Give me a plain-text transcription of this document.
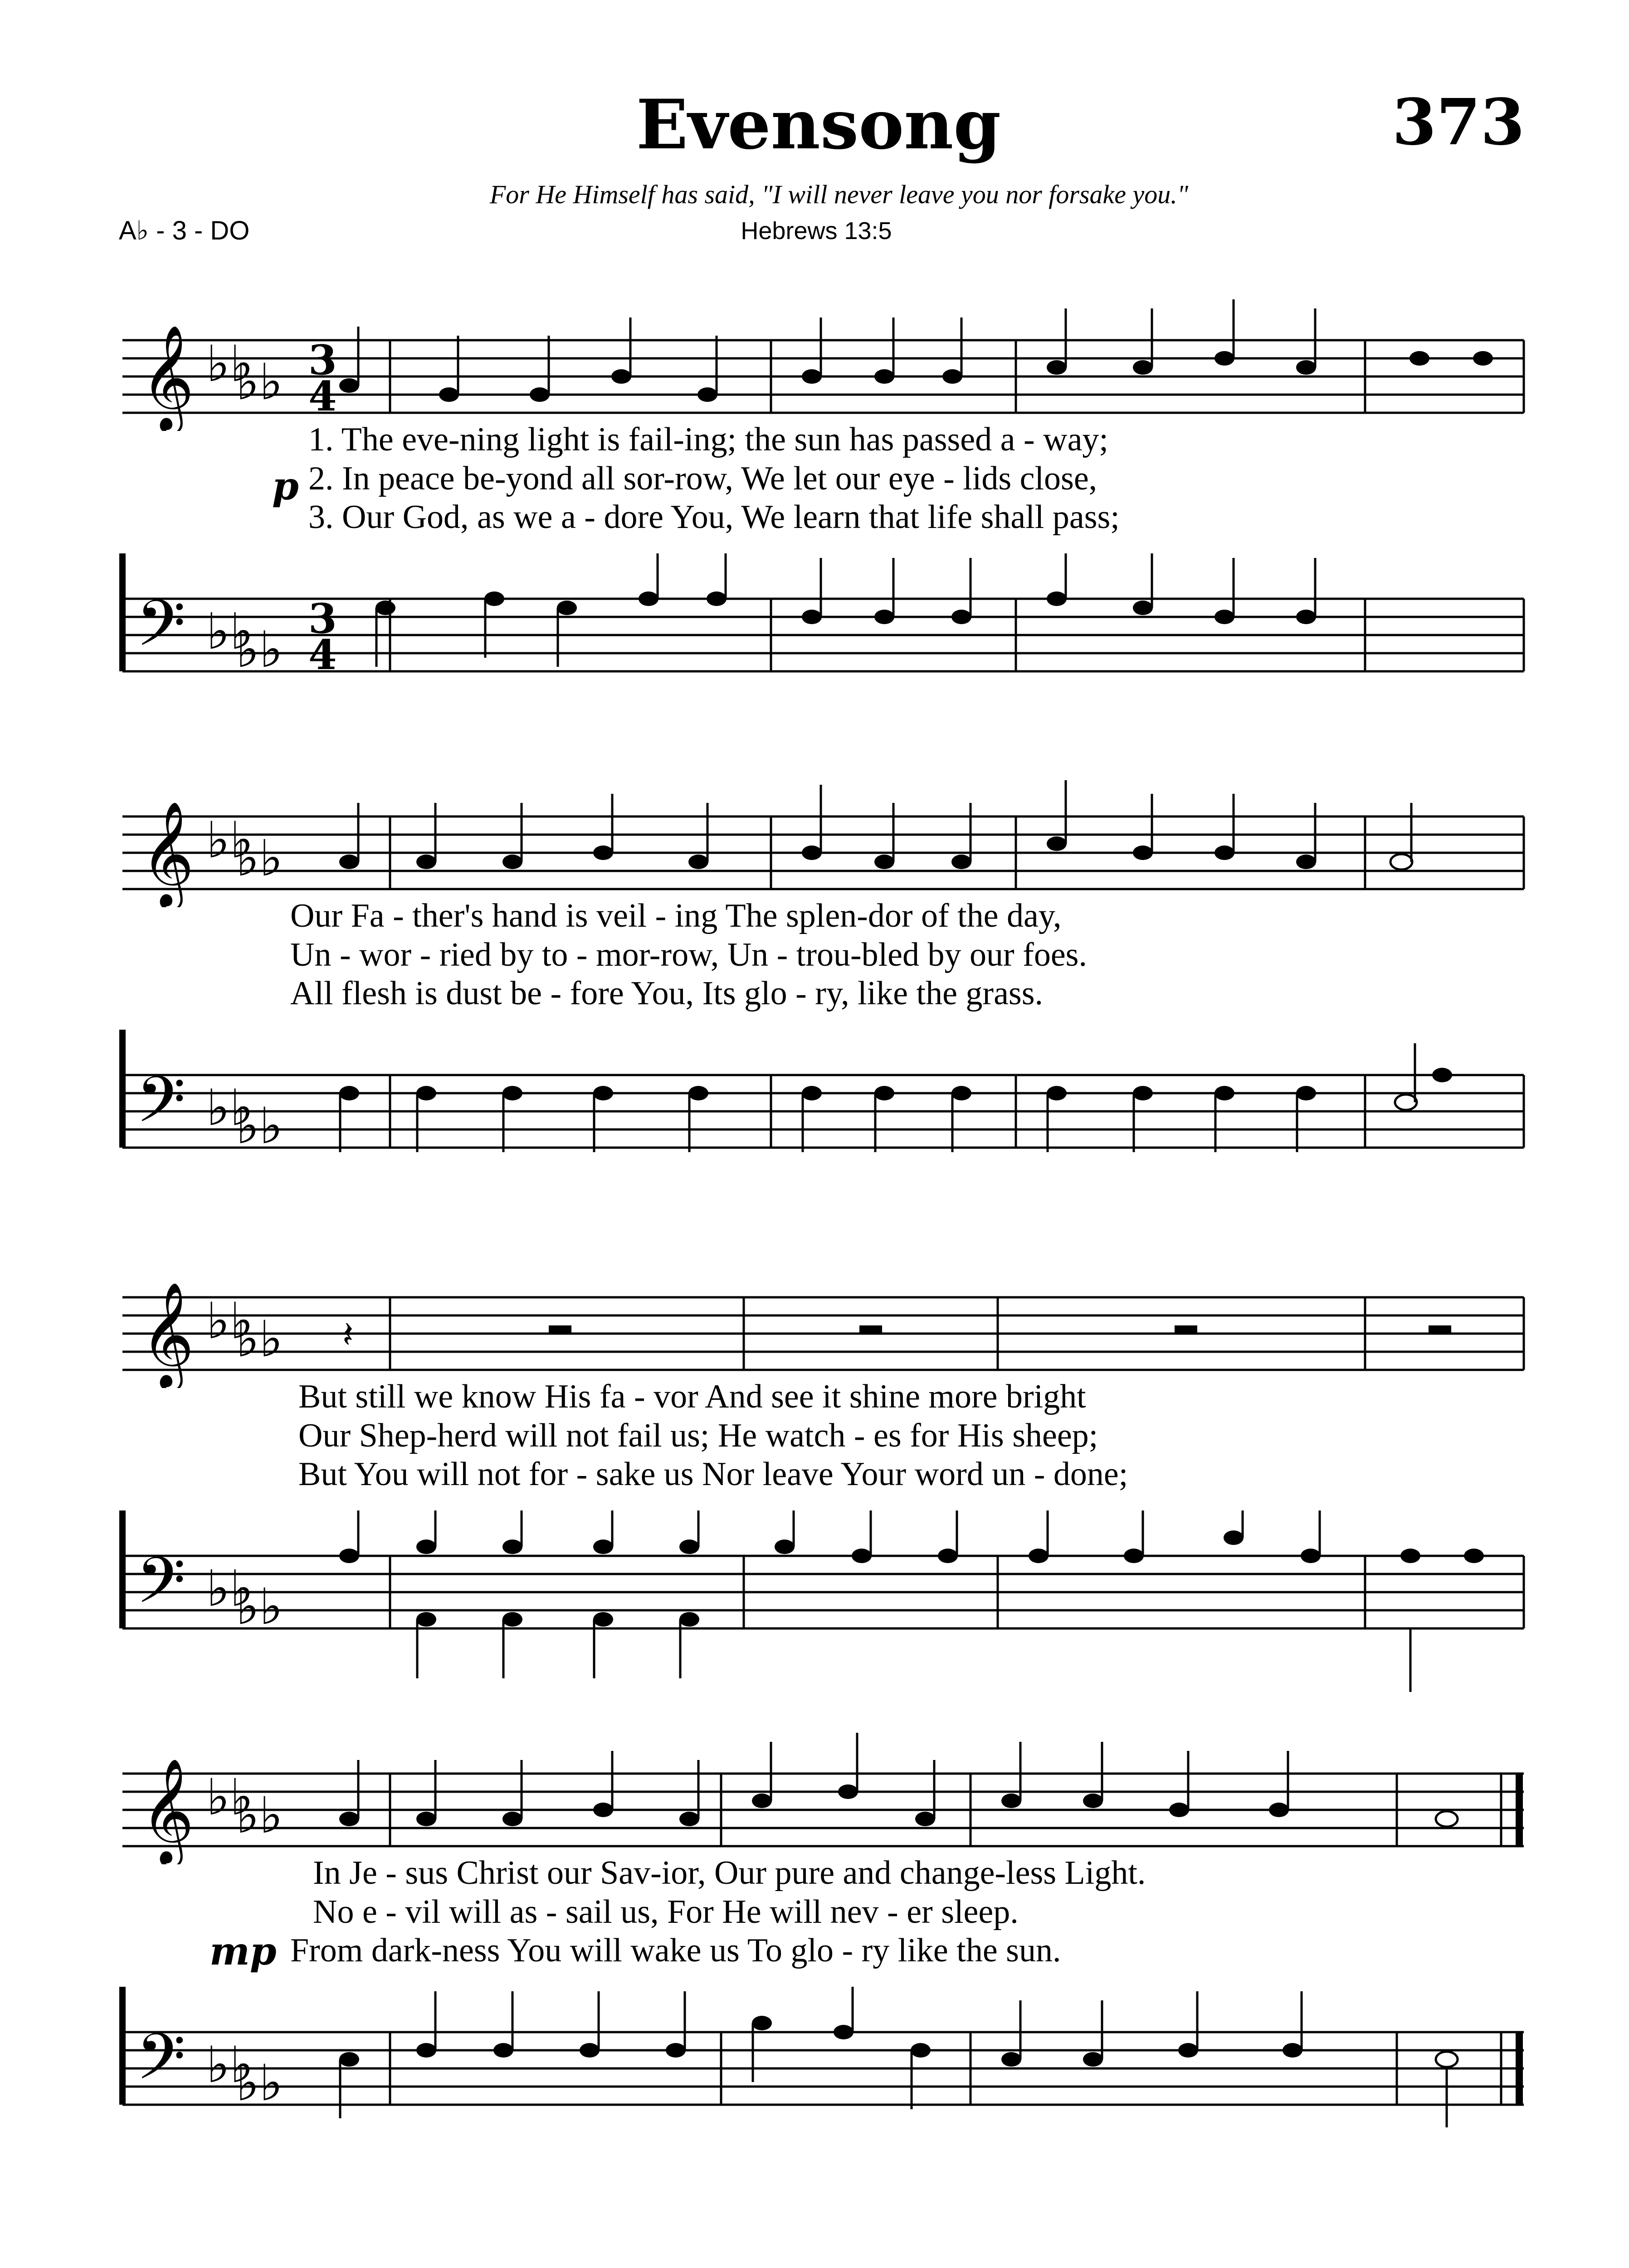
Evensong	373
For He Himself has said, "I will never leave you nor forsake you."
Hebrews 13:5
A♭ - 3 - DO
𝄞 ♭♭
♭♭ 3
4
p
1. The eve-ning light is fail-ing; the sun has passed a - way;
2. In peace be-yond all sor-row, We let our eye - lids close,
3. Our God, as we a - dore You, We learn that life shall pass;
𝄢 ♭♭
♭♭
3
4
𝄞 ♭♭
♭♭
Our Fa - ther's hand is veil - ing The splen-dor of the day,
Un - wor - ried by to - mor-row, Un - trou-bled by our foes.
All flesh is dust be - fore You, Its glo - ry, like the grass.
𝄢 ♭♭
♭♭
𝄞 ♭♭
♭♭ 𝄽
But still we know His fa - vor And see it shine more bright
Our Shep-herd will not fail us; He watch - es for His sheep;
But You will not for - sake us Nor leave Your word un - done;
𝄢 ♭♭
♭♭
𝄞 ♭♭
♭♭
mp
In Je - sus Christ our Sav-ior, Our pure and change-less Light.
No e - vil will as - sail us, For He will nev - er sleep.
From dark-ness You will wake us To glo - ry like the sun.
𝄢 ♭♭
♭♭
